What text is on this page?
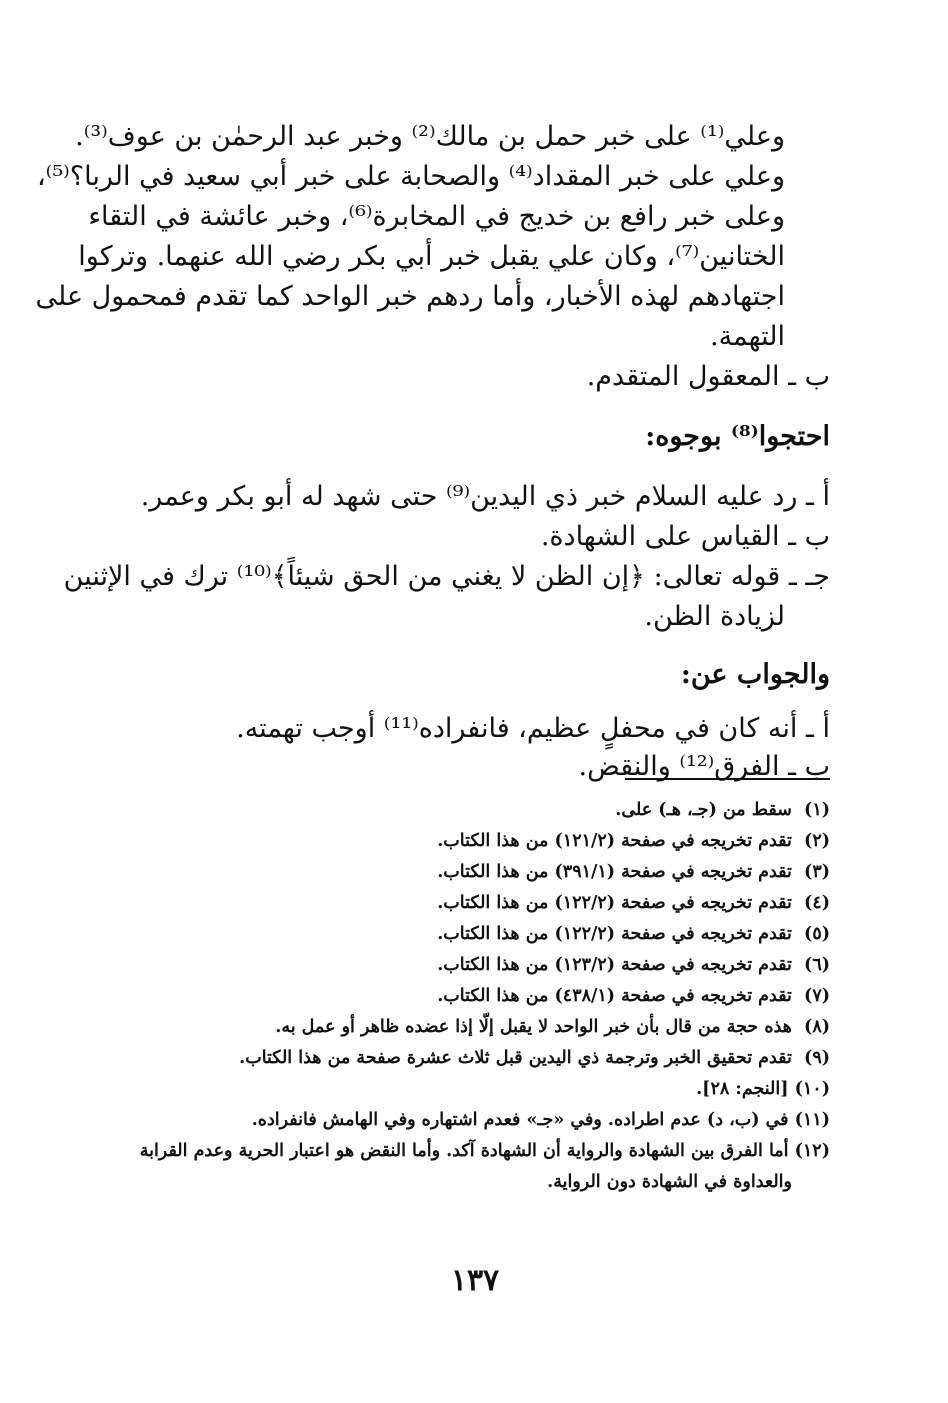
وعلي⁽¹⁾ على خبر حمل بن مالك⁽²⁾ وخبر عبد الرحمٰن بن عوف⁽³⁾.
وعلي على خبر المقداد⁽⁴⁾ والصحابة على خبر أبي سعيد في الربا؟⁽⁵⁾،
وعلى خبر رافع بن خديج في المخابرة⁽⁶⁾، وخبر عائشة في التقاء
الختانين⁽⁷⁾، وكان علي يقبل خبر أبي بكر رضي الله عنهما. وتركوا
اجتهادهم لهذه الأخبار، وأما ردهم خبر الواحد كما تقدم فمحمول على
التهمة.
ب ـ المعقول المتقدم.
احتجوا⁽⁸⁾ بوجوه:
أ ـ رد عليه السلام خبر ذي اليدين⁽⁹⁾ حتى شهد له أبو بكر وعمر.
ب ـ القياس على الشهادة.
جـ ـ قوله تعالى: ﴿إن الظن لا يغني من الحق شيئاً﴾⁽¹⁰⁾ ترك في الإثنين
لزيادة الظن.
والجواب عن:
أ ـ أنه كان في محفلٍ عظيم، فانفراده⁽¹¹⁾ أوجب تهمته.
ب ـ الفرق⁽¹²⁾ والنقض.
(١) سقط من (جـ، هـ) على.
(٢) تقدم تخريجه في صفحة (١٢١/٢) من هذا الكتاب.
(٣) تقدم تخريجه في صفحة (٣٩١/١) من هذا الكتاب.
(٤) تقدم تخريجه في صفحة (١٢٢/٢) من هذا الكتاب.
(٥) تقدم تخريجه في صفحة (١٢٢/٢) من هذا الكتاب.
(٦) تقدم تخريجه في صفحة (١٢٣/٢) من هذا الكتاب.
(٧) تقدم تخريجه في صفحة (٤٣٨/١) من هذا الكتاب.
(٨) هذه حجة من قال بأن خبر الواحد لا يقبل إلّا إذا عضده ظاهر أو عمل به.
(٩) تقدم تحقيق الخبر وترجمة ذي اليدين قبل ثلاث عشرة صفحة من هذا الكتاب.
(١٠) [النجم: ٢٨].
(١١) في (ب، د) عدم اطراده. وفي «جـ» فعدم اشتهاره وفي الهامش فانفراده.
(١٢) أما الفرق بين الشهادة والرواية أن الشهادة آكد. وأما النقض هو اعتبار الحرية وعدم القرابة
والعداوة في الشهادة دون الرواية.
١٣٧
